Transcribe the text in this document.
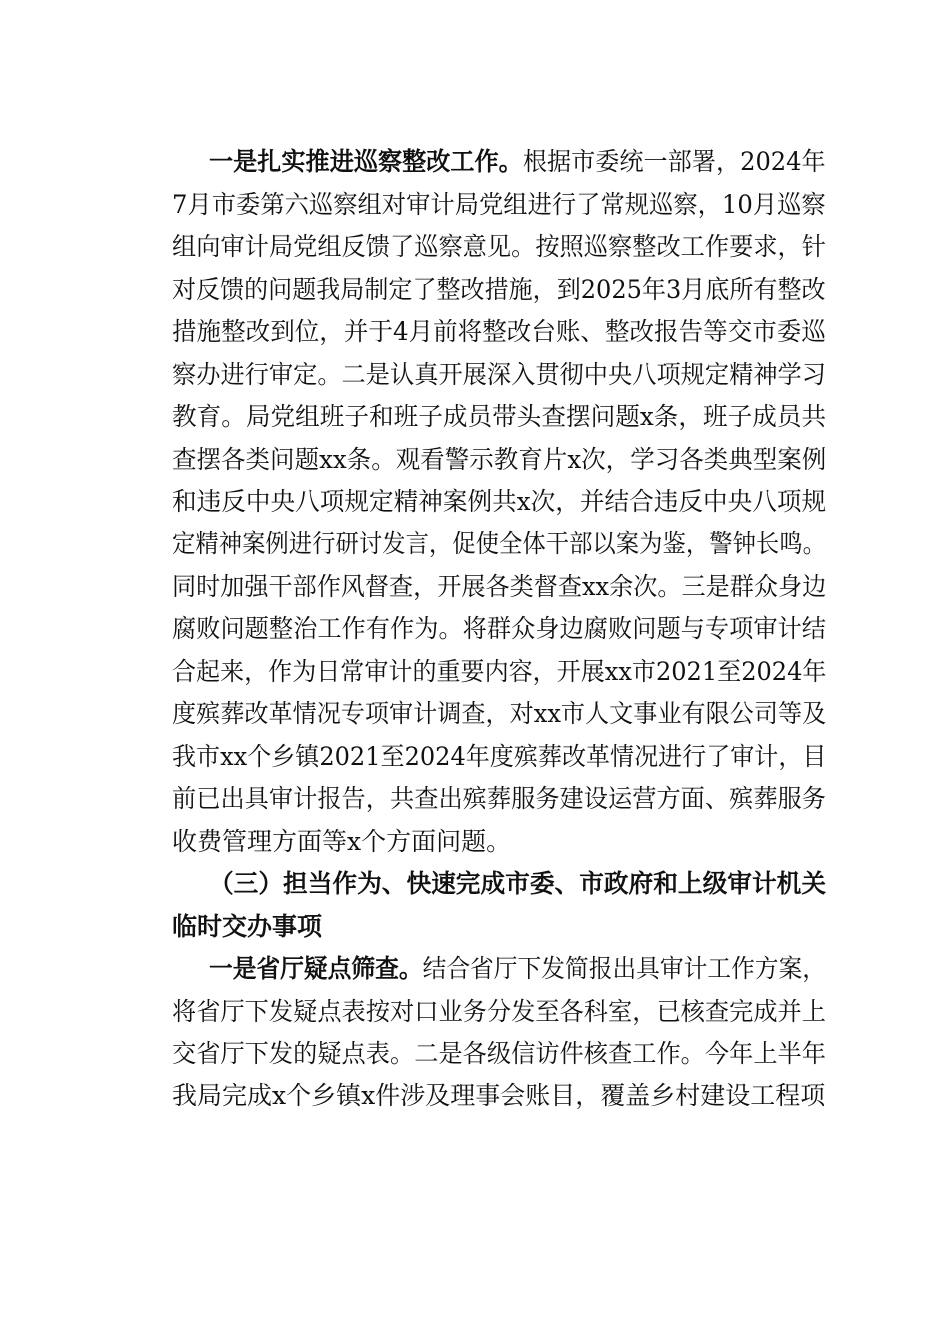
一是扎实推进巡察整改工作。根据市委统一部署，2024年
7月市委第六巡察组对审计局党组进行了常规巡察，10月巡察
组向审计局党组反馈了巡察意见。按照巡察整改工作要求，针
对反馈的问题我局制定了整改措施，到2025年3月底所有整改
措施整改到位，并于4月前将整改台账、整改报告等交市委巡
察办进行审定。二是认真开展深入贯彻中央八项规定精神学习
教育。局党组班子和班子成员带头查摆问题x条，班子成员共
查摆各类问题xx条。观看警示教育片x次，学习各类典型案例
和违反中央八项规定精神案例共x次，并结合违反中央八项规
定精神案例进行研讨发言，促使全体干部以案为鉴，警钟长鸣。
同时加强干部作风督查，开展各类督查xx余次。三是群众身边
腐败问题整治工作有作为。将群众身边腐败问题与专项审计结
合起来，作为日常审计的重要内容，开展xx市2021至2024年
度殡葬改革情况专项审计调查，对xx市人文事业有限公司等及
我市xx个乡镇2021至2024年度殡葬改革情况进行了审计，目
前已出具审计报告，共查出殡葬服务建设运营方面、殡葬服务
收费管理方面等x个方面问题。
（三）担当作为、快速完成市委、市政府和上级审计机关
临时交办事项
一是省厅疑点筛查。结合省厅下发简报出具审计工作方案，
将省厅下发疑点表按对口业务分发至各科室，已核查完成并上
交省厅下发的疑点表。二是各级信访件核查工作。今年上半年
我局完成x个乡镇x件涉及理事会账目，覆盖乡村建设工程项
